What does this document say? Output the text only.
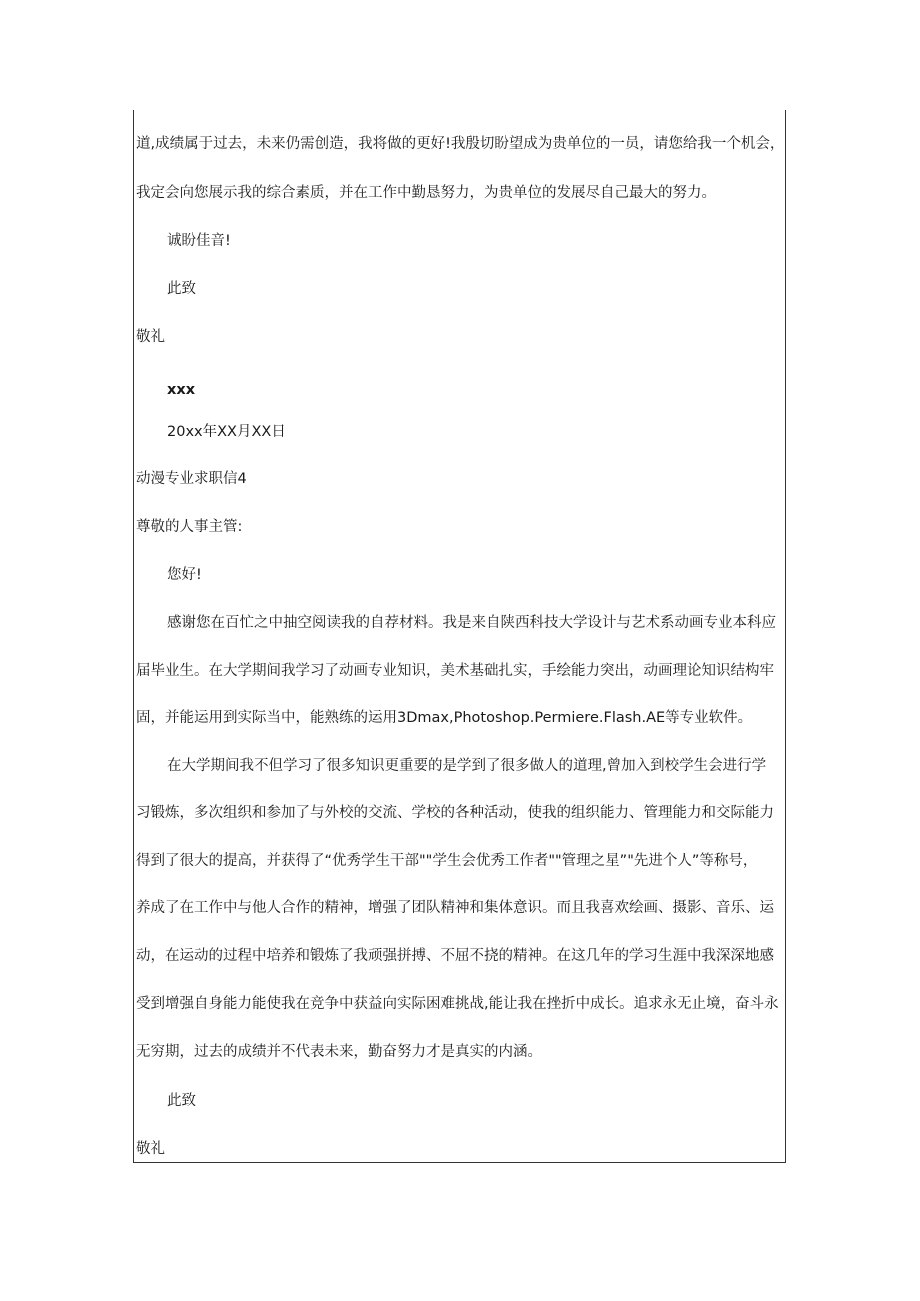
道,成绩属于过去，未来仍需创造，我将做的更好!我殷切盼望成为贵单位的一员，请您给我一个机会，
我定会向您展示我的综合素质，并在工作中勤恳努力，为贵单位的发展尽自己最大的努力。
诚盼佳音!
此致
敬礼
xxx
20xx年XX月XX日
动漫专业求职信4
尊敬的人事主管:
您好!
感谢您在百忙之中抽空阅读我的自荐材料。我是来自陕西科技大学设计与艺术系动画专业本科应
届毕业生。在大学期间我学习了动画专业知识，美术基础扎实，手绘能力突出，动画理论知识结构牢
固，并能运用到实际当中，能熟练的运用3Dmax,Photoshop.Permiere.Flash.AE等专业软件。
在大学期间我不但学习了很多知识更重要的是学到了很多做人的道理,曾加入到校学生会进行学
习锻炼，多次组织和参加了与外校的交流、学校的各种活动，使我的组织能力、管理能力和交际能力
得到了很大的提高，并获得了“优秀学生干部""学生会优秀工作者""管理之星”"先进个人”等称号，
养成了在工作中与他人合作的精神，增强了团队精神和集体意识。而且我喜欢绘画、摄影、音乐、运
动，在运动的过程中培养和锻炼了我顽强拼搏、不屈不挠的精神。在这几年的学习生涯中我深深地感
受到增强自身能力能使我在竞争中获益向实际困难挑战,能让我在挫折中成长。追求永无止境，奋斗永
无穷期，过去的成绩并不代表未来，勤奋努力才是真实的内涵。
此致
敬礼
